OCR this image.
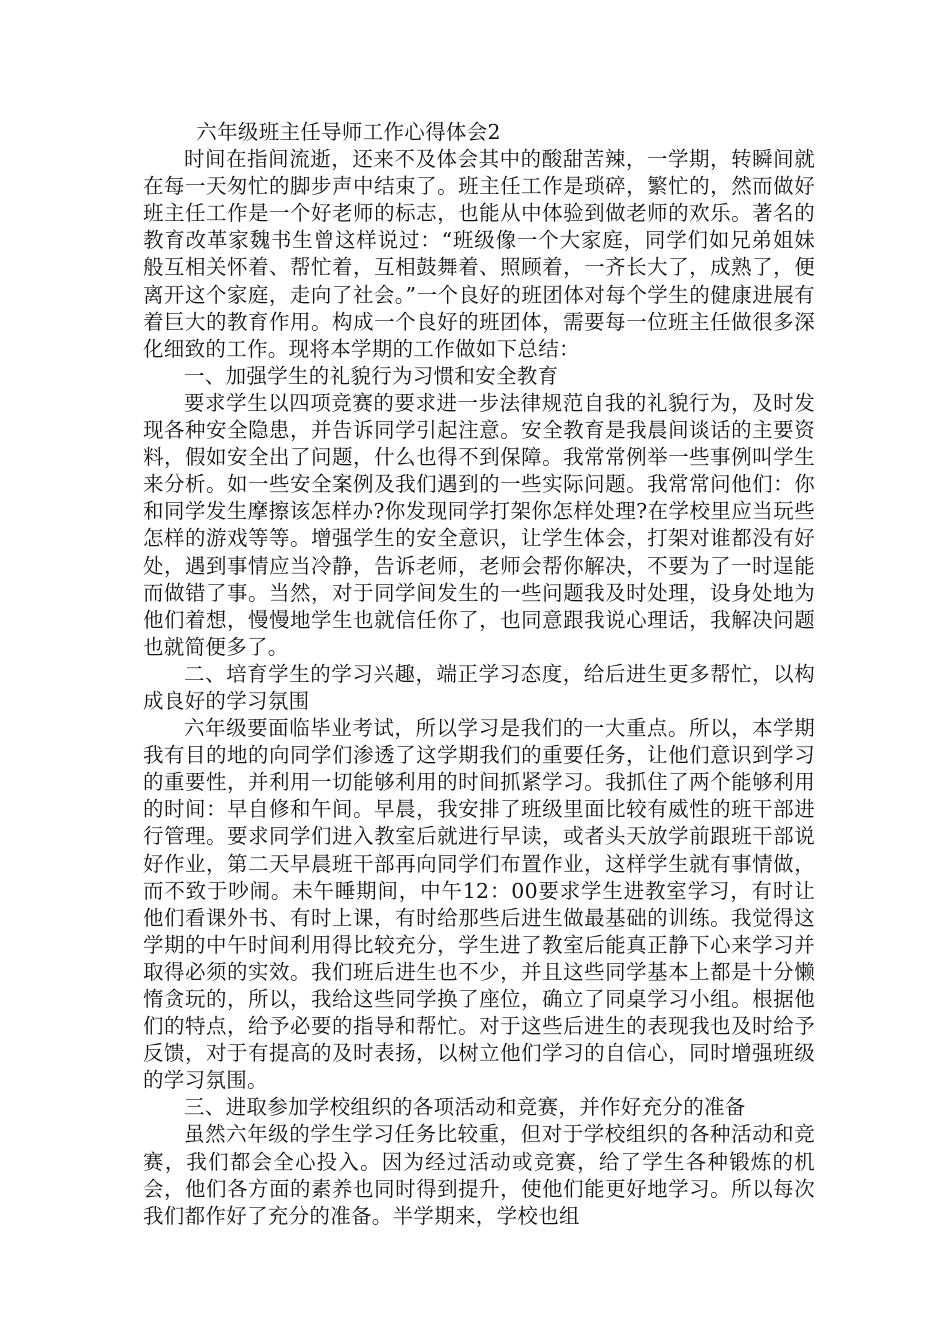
六年级班主任导师工作心得体会2

时间在指间流逝，还来不及体会其中的酸甜苦辣，一学期，转瞬间就在每一天匆忙的脚步声中结束了。班主任工作是琐碎，繁忙的，然而做好班主任工作是一个好老师的标志，也能从中体验到做老师的欢乐。著名的教育改革家魏书生曾这样说过：“班级像一个大家庭，同学们如兄弟姐妹般互相关怀着、帮忙着，互相鼓舞着、照顾着，一齐长大了，成熟了，便离开这个家庭，走向了社会。”一个良好的班团体对每个学生的健康进展有着巨大的教育作用。构成一个良好的班团体，需要每一位班主任做很多深化细致的工作。现将本学期的工作做如下总结：

一、加强学生的礼貌行为习惯和安全教育

要求学生以四项竞赛的要求进一步法律规范自我的礼貌行为，及时发现各种安全隐患，并告诉同学引起注意。安全教育是我晨间谈话的主要资料，假如安全出了问题，什么也得不到保障。我常常例举一些事例叫学生来分析。如一些安全案例及我们遇到的一些实际问题。我常常问他们：你和同学发生摩擦该怎样办?你发现同学打架你怎样处理?在学校里应当玩些怎样的游戏等等。增强学生的安全意识，让学生体会，打架对谁都没有好处，遇到事情应当冷静，告诉老师，老师会帮你解决，不要为了一时逞能而做错了事。当然，对于同学间发生的一些问题我及时处理，设身处地为他们着想，慢慢地学生也就信任你了，也同意跟我说心理话，我解决问题也就简便多了。

二、培育学生的学习兴趣，端正学习态度，给后进生更多帮忙，以构成良好的学习氛围

六年级要面临毕业考试，所以学习是我们的一大重点。所以，本学期我有目的地的向同学们渗透了这学期我们的重要任务，让他们意识到学习的重要性，并利用一切能够利用的时间抓紧学习。我抓住了两个能够利用的时间：早自修和午间。早晨，我安排了班级里面比较有威性的班干部进行管理。要求同学们进入教室后就进行早读，或者头天放学前跟班干部说好作业，第二天早晨班干部再向同学们布置作业，这样学生就有事情做，而不致于吵闹。未午睡期间，中午12：00要求学生进教室学习，有时让他们看课外书、有时上课，有时给那些后进生做最基础的训练。我觉得这学期的中午时间利用得比较充分，学生进了教室后能真正静下心来学习并取得必须的实效。我们班后进生也不少，并且这些同学基本上都是十分懒惰贪玩的，所以，我给这些同学换了座位，确立了同桌学习小组。根据他们的特点，给予必要的指导和帮忙。对于这些后进生的表现我也及时给予反馈，对于有提高的及时表扬，以树立他们学习的自信心，同时增强班级的学习氛围。

三、进取参加学校组织的各项活动和竞赛，并作好充分的准备

虽然六年级的学生学习任务比较重，但对于学校组织的各种活动和竞赛，我们都会全心投入。因为经过活动或竞赛，给了学生各种锻炼的机会，他们各方面的素养也同时得到提升，使他们能更好地学习。所以每次我们都作好了充分的准备。半学期来，学校也组
